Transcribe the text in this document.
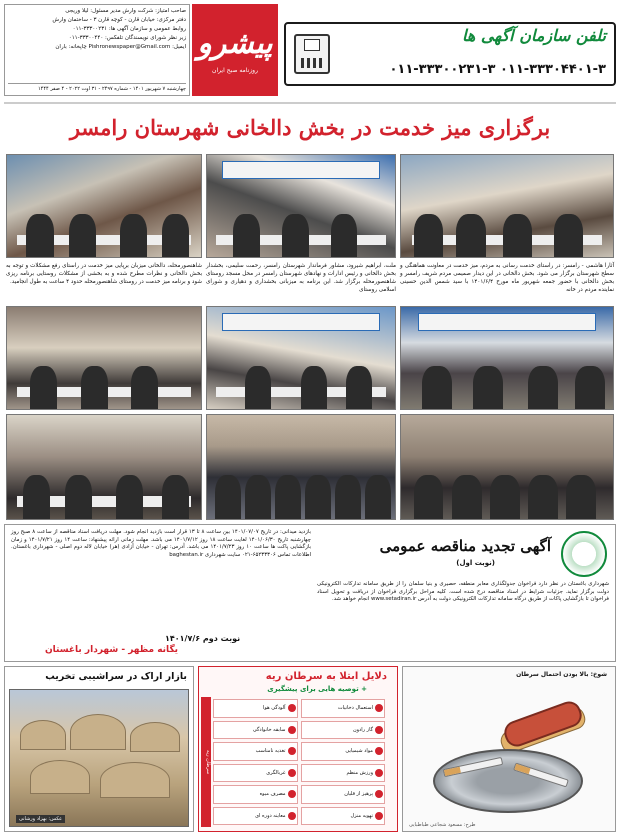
صاحب امتیاز: شرکت وارش مدیر مسئول: لیلا وریجی
دفتر مرکزی: خیابان قارن - کوچه قارن ۳ - ساختمان وارش
روابط عمومی و سازمان آگهی ها: ۳۳۳۰۰۲۳۱-۰۱۱
زیر نظر شورای نویسندگان تلفکس: ۳۳۳۰۰۴۴۰-۰۱۱
ایمیل: Pishronewspaper@Gmail.com چاپخانه: باران
چهارشنبه ۷ شهریور ۱۴۰۱ - شماره ۲۴۹۷ - ۳۱ اوت ۲۰۲۲ - ۴ صفر ۱۴۴۴
پیشرو
روزنامه صبح ایران
تلفن سازمان آگهی ها
۰۱۱-۳۳۳۰۰۲۳۱-۳ ۰۱۱-۳۳۳۰۴۴۰۱-۳
برگزاری میز خدمت در بخش دالخانی شهرستان رامسر
شاهنصورمحله، دالخانی میزبان برپایی میز خدمت در راستای رفع مشکلات و توجه به بخش دالخانی و نظرات مطرح شده و به بخشی از مشکلات روستایی برنامه ریزی شود و برنامه میز خدمت در روستای شاهنصورمحله حدود ۴ ساعت به طول انجامید.
ملت، ابراهیم شیرود، مشاور فرماندار شهرستان رامسر، رحمت سلیمی، بخشدار بخش دالخانی و رئیس ادارات و نهادهای شهرستان رامسر در محل مسجد روستای شاهنصورمحله برگزار شد. این برنامه به میزبانی بخشداری و دهیاری و شورای اسلامی روستای
آثارا هاشمی - رامسر: در راستای خدمت رسانی به مردم، میز خدمت در معاونت هماهنگی و سطح شهرستان برگزار می شود. بخش دالخانی در این دیدار صمیمی مردم شریف رامسر و بخش دالخانی با حضور جمعه شهریور ماه مورخ ۱۴۰۱/۶/۴ با سید شمس الدین حسینی نماینده مردم در خانه
آگهی تجدید مناقصه عمومی
(نوبت اول)
شهرداری باغستان در نظر دارد فراخوان جدولگذاری معابر منطقه، حصیری و بنیا سلمان را از طریق سامانه تدارکات الکترونیکی دولت برگزار نماید. جزئیات شرایط در اسناد مناقصه درج شده است. کلیه مراحل برگزاری فراخوان از دریافت و تحویل اسناد فراخوان تا بازگشایی پاکات از طریق درگاه سامانه تدارکات الکترونیکی دولت به آدرس www.setadiran.ir انجام خواهد شد.
بازدید میدانی: در تاریخ ۱۴۰۱/۰۷/۰۷ بین ساعت ۸ تا ۱۳ قرار است بازدید انجام شود. مهلت دریافت اسناد مناقصه از ساعت ۸ صبح روز چهارشنبه تاریخ ۱۴۰۱/۰۶/۳۰ لغایت ساعت ۱۸ روز ۱۴۰۱/۷/۱۲ می باشد. مهلت زمانی ارائه پیشنهاد: ساعت ۱۴ روز ۱۴۰۱/۷/۲۱ و زمان بازگشایی پاکت ها ساعت ۱۰ روز ۱۴۰۱/۷/۲۳ می باشد. آدرس: تهران - خیابان آزادی (هر) خیابان لاله دوم اصلی - شهرداری باغستان. اطلاعات تماس ۶۵۲۳۳۳۰۶-۰۲۱ سایت شهرداری baghestan.ir
نوبت دوم ۱۴۰۱/۷/۶
یگانه مظهر - شهردار باغستان
بازار اراک در سراشیبی تخریب
عکس: بهزاد ورشانی
دلایل ابتلا به سرطان ریه
+ توصیه هایی برای پیشگیری
سرطان ریه
استعمال دخانیات
آلودگی هوا
گاز رادون
سابقه خانوادگی
مواد شیمیایی
تغذیه نامناسب
ورزش منظم
غربالگری
پرهیز از قلیان
مصرف میوه
تهویه منزل
معاینه دوره ای
شوخ: بالا بودن احتمال سرطان
طرح: مسعود شجاعی طباطبایی
